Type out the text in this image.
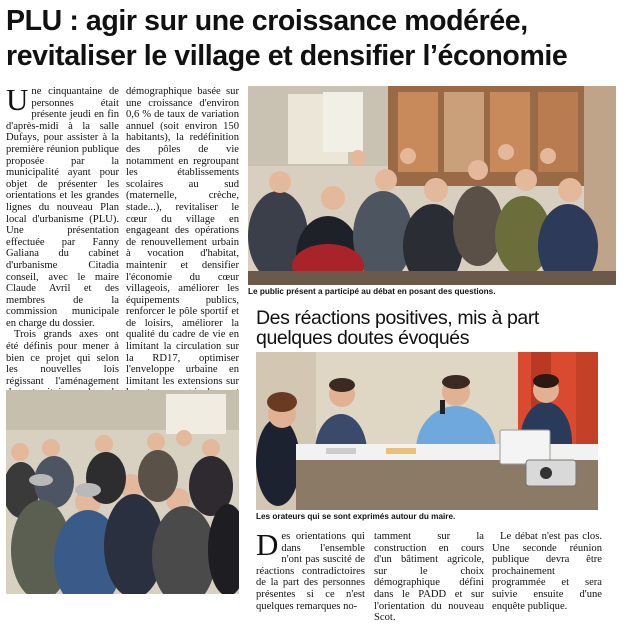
PLU : agir sur une croissance modérée,
revitaliser le village et densifier l’économie

Une cinquantaine de personnes était présente jeudi en fin d'après-midi à la salle Dufays, pour assister à la première réunion publique proposée par la municipalité ayant pour objet de présenter les orientations et les grandes lignes du nouveau Plan local d'urbanisme (PLU). Une présentation effectuée par Fanny Galiana du cabinet d'urbanisme Citadia conseil, avec le maire Claude Avril et des membres de la commission municipale en charge du dossier.

Trois grands axes ont été définis pour mener à bien ce projet qui selon les nouvelles lois régissant l'aménagement

démographique basée sur une croissance d'environ 0,6 % de taux de variation annuel (soit environ 150 habitants), la redéfinition des pôles de vie notamment en regroupant les établissements scolaires au sud (maternelle, crèche, stade...), revitaliser le cœur du village en engageant des opérations de renouvellement urbain à vocation d'habitat, maintenir et densifier l'économie du cœur villageois, améliorer les équipements publics, renforcer le pôle sportif et de loisirs, améliorer la qualité du cadre de vie en limitant la circulation sur la RD17, optimiser l'enveloppe urbaine en limitant les extensions sur

Le public présent a participé au débat en posant des questions.
Des réactions positives, mis à part
quelques doutes évoqués
Les orateurs qui se sont exprimés autour du maire.

Des orientations qui dans l'ensemble n'ont pas suscité de réactions contradictoires de la part des personnes présentes si ce n'est quelques remarques no-

tamment sur la construction en cours d'un bâtiment agricole, sur le choix démographique défini dans le PADD et sur l'orientation du nouveau Scot.

Le débat n'est pas clos. Une seconde réunion publique devra être prochainement programmée et sera suivie ensuite d'une enquête publique.
